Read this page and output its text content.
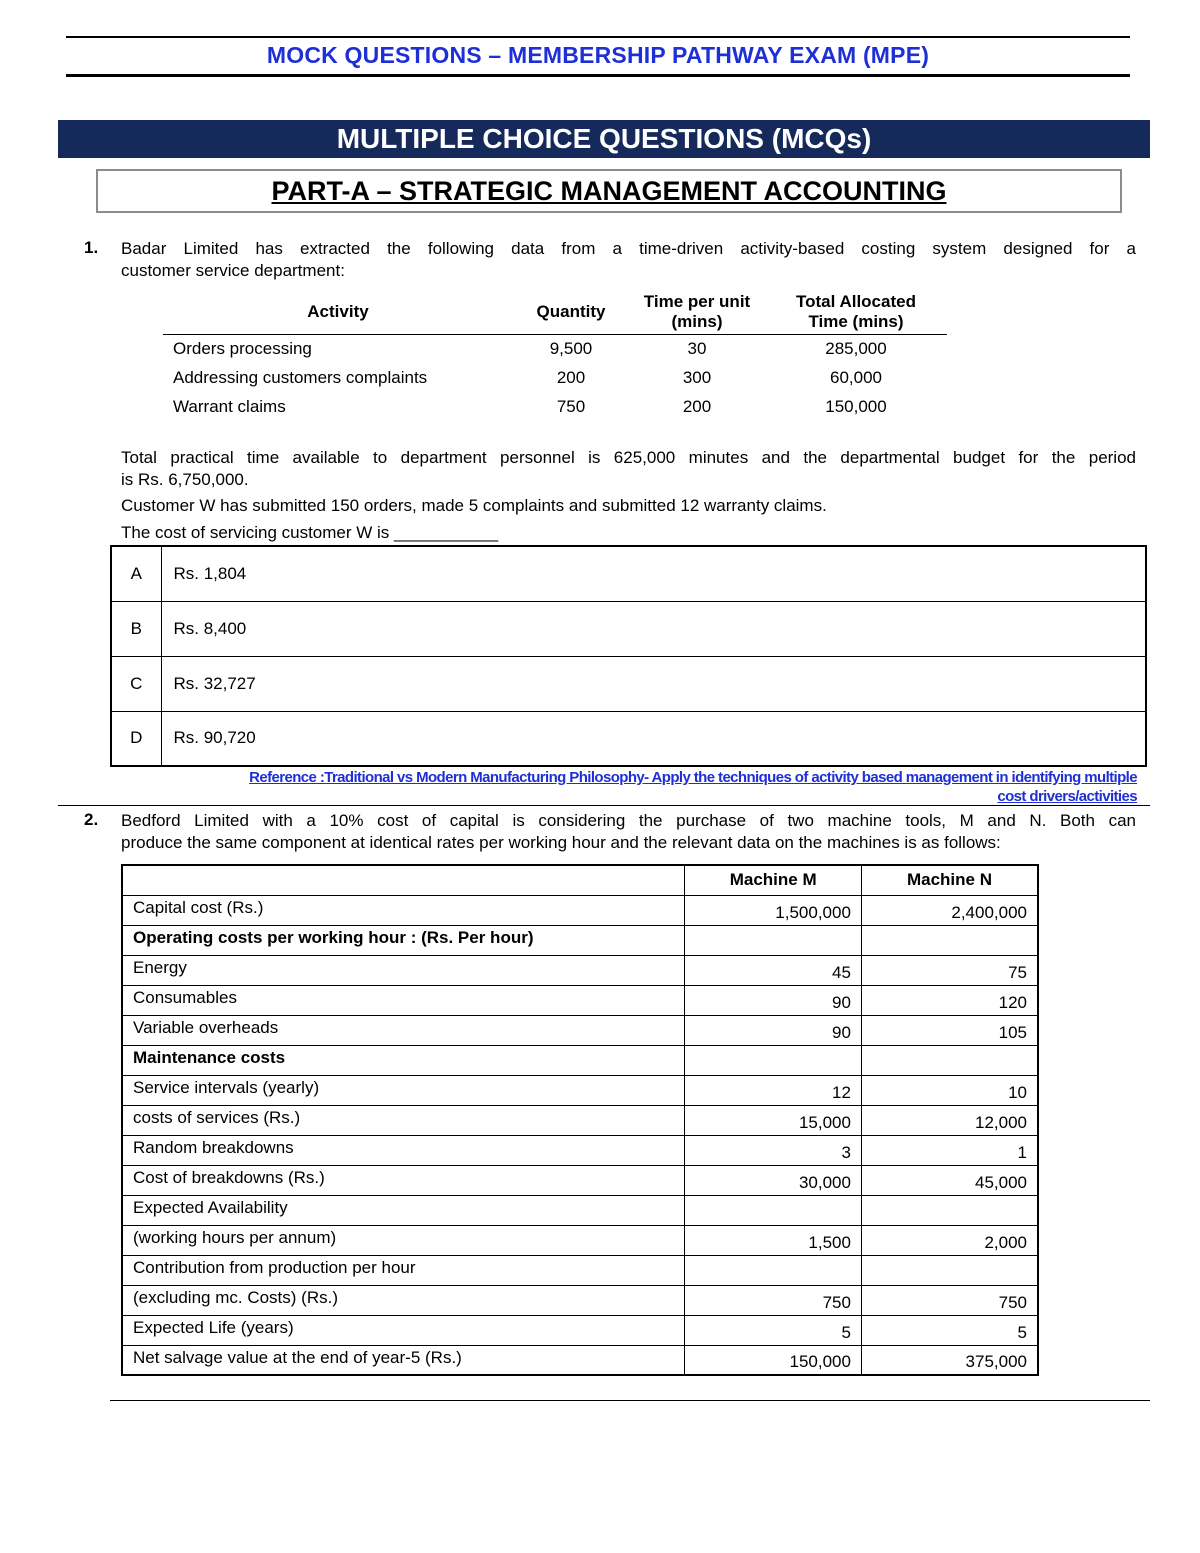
MOCK QUESTIONS – MEMBERSHIP PATHWAY EXAM (MPE)
MULTIPLE CHOICE QUESTIONS (MCQs)
PART-A – STRATEGIC MANAGEMENT ACCOUNTING
1. Badar Limited has extracted the following data from a time-driven activity-based costing system designed for a
customer service department:
Activity	Quantity	Time per unit (mins)	Total Allocated Time (mins)

Orders processing	9,500	30	285,000
Addressing customers complaints	200	300	60,000
Warrant claims	750	200	150,000
Total practical time available to department personnel is 625,000 minutes and the departmental budget for the period
is Rs. 6,750,000.
Customer W has submitted 150 orders, made 5 complaints and submitted 12 warranty claims.
The cost of servicing customer W is ___________
A	Rs. 1,804
B	Rs. 8,400
C	Rs. 32,727
D	Rs. 90,720
Reference :Traditional vs Modern Manufacturing Philosophy- Apply the techniques of activity based management in identifying multiple
cost drivers/activities
2. Bedford Limited with a 10% cost of capital is considering the purchase of two machine tools, M and N. Both can
produce the same component at identical rates per working hour and the relevant data on the machines is as follows:
	Machine M	Machine N
Capital cost (Rs.)	1,500,000	2,400,000
Operating costs per working hour : (Rs. Per hour)		
Energy	45	75
Consumables	90	120
Variable overheads	90	105
Maintenance costs		
Service intervals (yearly)	12	10
costs of services (Rs.)	15,000	12,000
Random breakdowns	3	1
Cost of breakdowns (Rs.)	30,000	45,000
Expected Availability		
(working hours per annum)	1,500	2,000
Contribution from production per hour		
(excluding mc. Costs) (Rs.)	750	750
Expected Life (years)	5	5
Net salvage value at the end of year-5 (Rs.)	150,000	375,000
